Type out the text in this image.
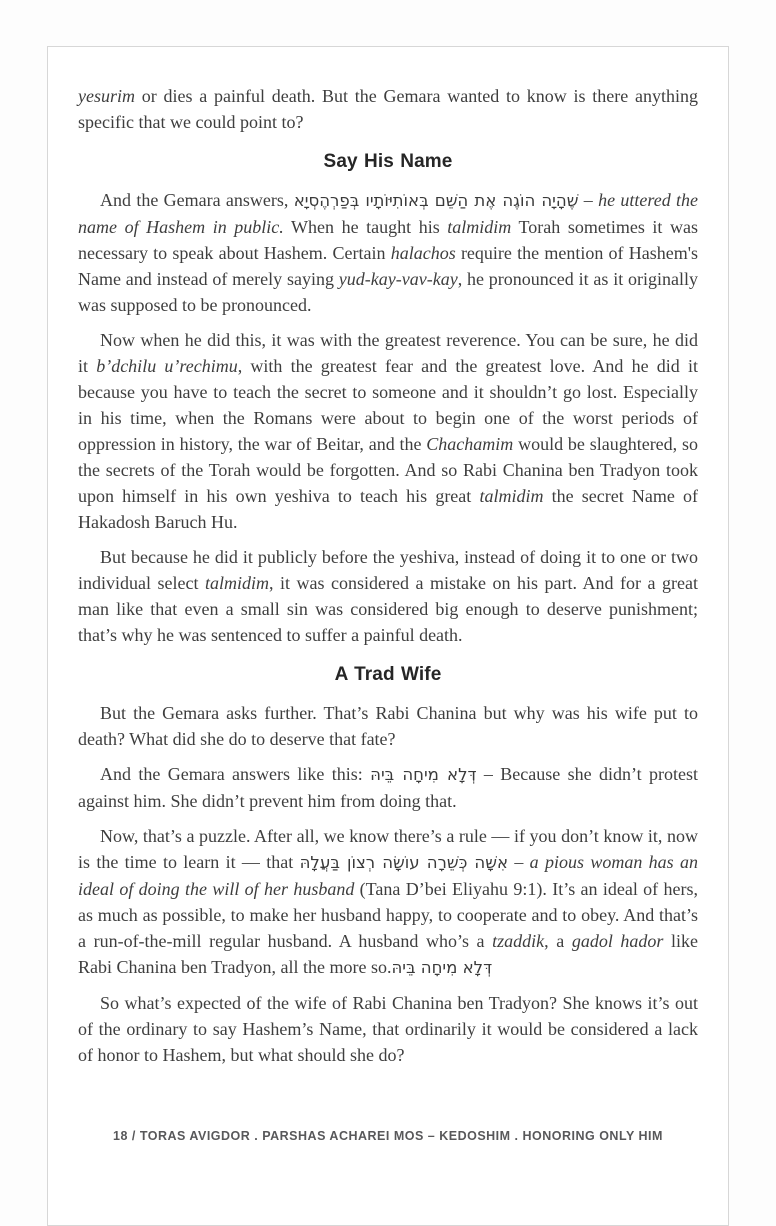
yesurim or dies a painful death. But the Gemara wanted to know is there anything specific that we could point to?

Say His Name

And the Gemara answers, שֶׁהָיָה הוֹגֶה אֶת הַשֵּׁם בְּאוֹתִיּוֹתָיו בְּפַרְהֶסְיָא – he uttered the name of Hashem in public. When he taught his talmidim Torah sometimes it was necessary to speak about Hashem. Certain halachos require the mention of Hashem's Name and instead of merely saying yud-kay-vav-kay, he pronounced it as it originally was supposed to be pronounced.

Now when he did this, it was with the greatest reverence. You can be sure, he did it b’dchilu u’rechimu, with the greatest fear and the greatest love. And he did it because you have to teach the secret to someone and it shouldn’t go lost. Especially in his time, when the Romans were about to begin one of the worst periods of oppression in history, the war of Beitar, and the Chachamim would be slaughtered, so the secrets of the Torah would be forgotten. And so Rabi Chanina ben Tradyon took upon himself in his own yeshiva to teach his great talmidim the secret Name of Hakadosh Baruch Hu.

But because he did it publicly before the yeshiva, instead of doing it to one or two individual select talmidim, it was considered a mistake on his part. And for a great man like that even a small sin was considered big enough to deserve punishment; that’s why he was sentenced to suffer a painful death.

A Trad Wife

But the Gemara asks further. That’s Rabi Chanina but why was his wife put to death? What did she do to deserve that fate?

And the Gemara answers like this: דְּלָא מִיחָה בֵּיהּ – Because she didn’t protest against him. She didn’t prevent him from doing that.

Now, that’s a puzzle. After all, we know there’s a rule — if you don’t know it, now is the time to learn it — that אִשָּׁה כְּשֵׁרָה עוֹשָׂה רְצוֹן בַּעֲלָהּ – a pious woman has an ideal of doing the will of her husband (Tana D’bei Eliyahu 9:1). It’s an ideal of hers, as much as possible, to make her husband happy, to cooperate and to obey. And that’s a run-of-the-mill regular husband. A husband who’s a tzaddik, a gadol hador like Rabi Chanina ben Tradyon, all the more so.דְּלָא מִיחָה בֵּיהּ

So what’s expected of the wife of Rabi Chanina ben Tradyon? She knows it’s out of the ordinary to say Hashem’s Name, that ordinarily it would be considered a lack of honor to Hashem, but what should she do?

18 / TORAS AVIGDOR . PARSHAS ACHAREI MOS – KEDOSHIM . HONORING ONLY HIM
